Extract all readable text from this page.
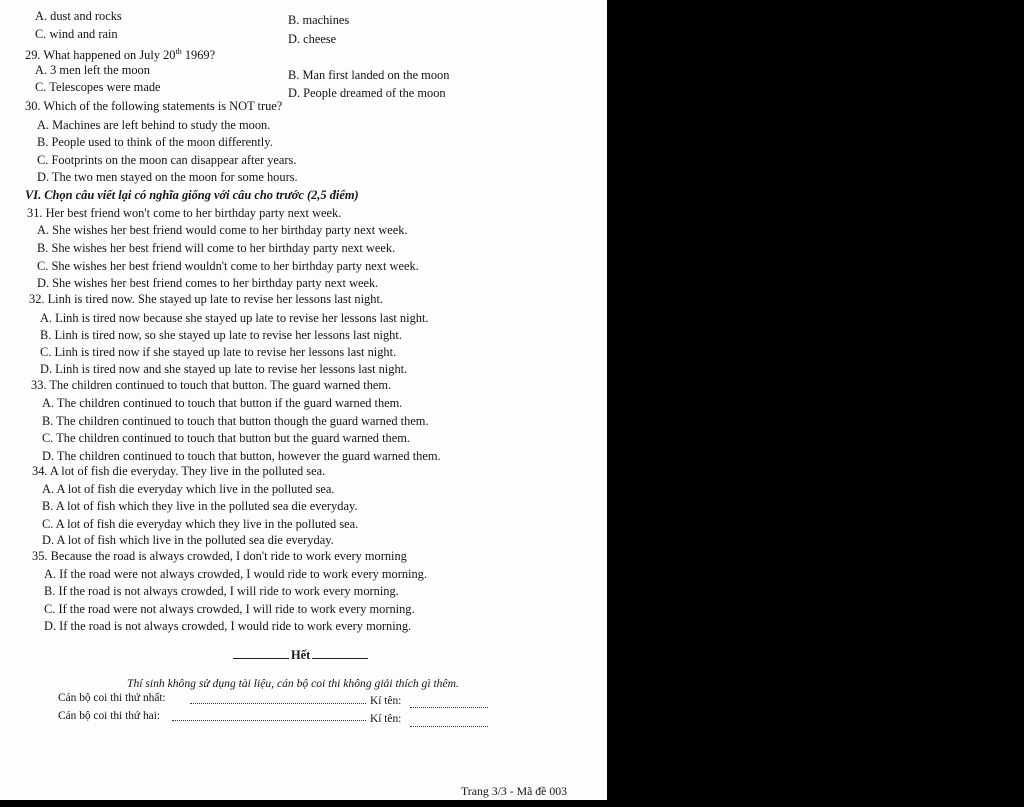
A. dust and rocks	B. machines
C. wind and rain	D. cheese
29. What happened on July 20th 1969?
A. 3 men left the moon	B. Man first landed on the moon
C. Telescopes were made	D. People dreamed of the moon
30. Which of the following statements is NOT true?
A. Machines are left behind to study the moon.
B. People used to think of the moon differently.
C. Footprints on the moon can disappear after years.
D. The two men stayed on the moon for some hours.
VI. Chọn câu viết lại có nghĩa giống với câu cho trước (2,5 điểm)
31. Her best friend won't come to her birthday party next week.
A. She wishes her best friend would come to her birthday party next week.
B. She wishes her best friend will come to her birthday party next week.
C. She wishes her best friend wouldn't come to her birthday party next week.
D. She wishes her best friend comes to her birthday party next week.
32. Linh is tired now. She stayed up late to revise her lessons last night.
A. Linh is tired now because she stayed up late to revise her lessons last night.
B. Linh is tired now, so she stayed up late to revise her lessons last night.
C. Linh is tired now if she stayed up late to revise her lessons last night.
D. Linh is tired now and she stayed up late to revise her lessons last night.
33. The children continued to touch that button. The guard warned them.
A. The children continued to touch that button if the guard warned them.
B. The children continued to touch that button though the guard warned them.
C. The children continued to touch that button but the guard warned them.
D. The children continued to touch that button, however the guard warned them.
34. A lot of fish die everyday. They live in the polluted sea.
A. A lot of fish die everyday which live in the polluted sea.
B. A lot of fish which they live in the polluted sea die everyday.
C. A lot of fish die everyday which they live in the polluted sea.
D. A lot of fish which live in the polluted sea die everyday.
35. Because the road is always crowded, I don't ride to work every morning
A. If the road were not always crowded, I would ride to work every morning.
B. If the road is not always crowded, I will ride to work every morning.
C. If the road were not always crowded, I will ride to work every morning.
D. If the road is not always crowded, I would ride to work every morning.
Hết
Thí sinh không sử dụng tài liệu, cán bộ coi thi không giải thích gì thêm.
Cán bộ coi thi thứ nhất:	Kí tên:
Cán bộ coi thi thứ hai:	Kí tên:
Trang 3/3 - Mã đề 003
